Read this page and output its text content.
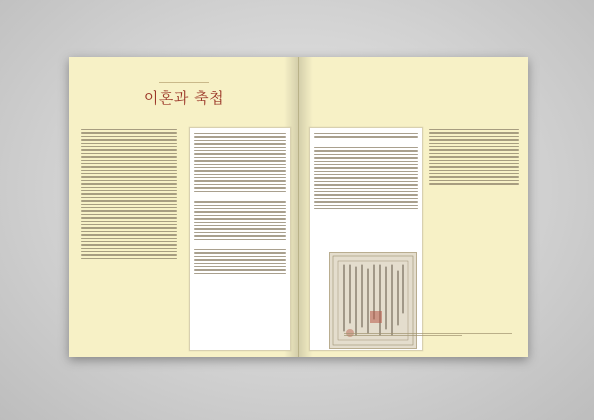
이혼과 축첩
